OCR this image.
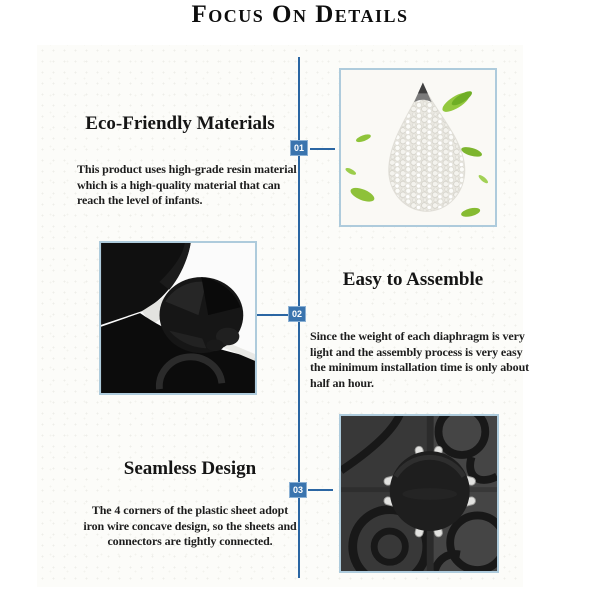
Focus On Details
01
02
03
Eco-Friendly Materials
This product uses high-grade resin material which is a high-quality material that can reach the level of infants.
Easy to Assemble
Since the weight of each diaphragm is very light and the assembly process is very easy the minimum installation time is only about half an hour.
Seamless Design
The 4 corners of the plastic sheet adopt iron wire concave design, so the sheets and connectors are tightly connected.
